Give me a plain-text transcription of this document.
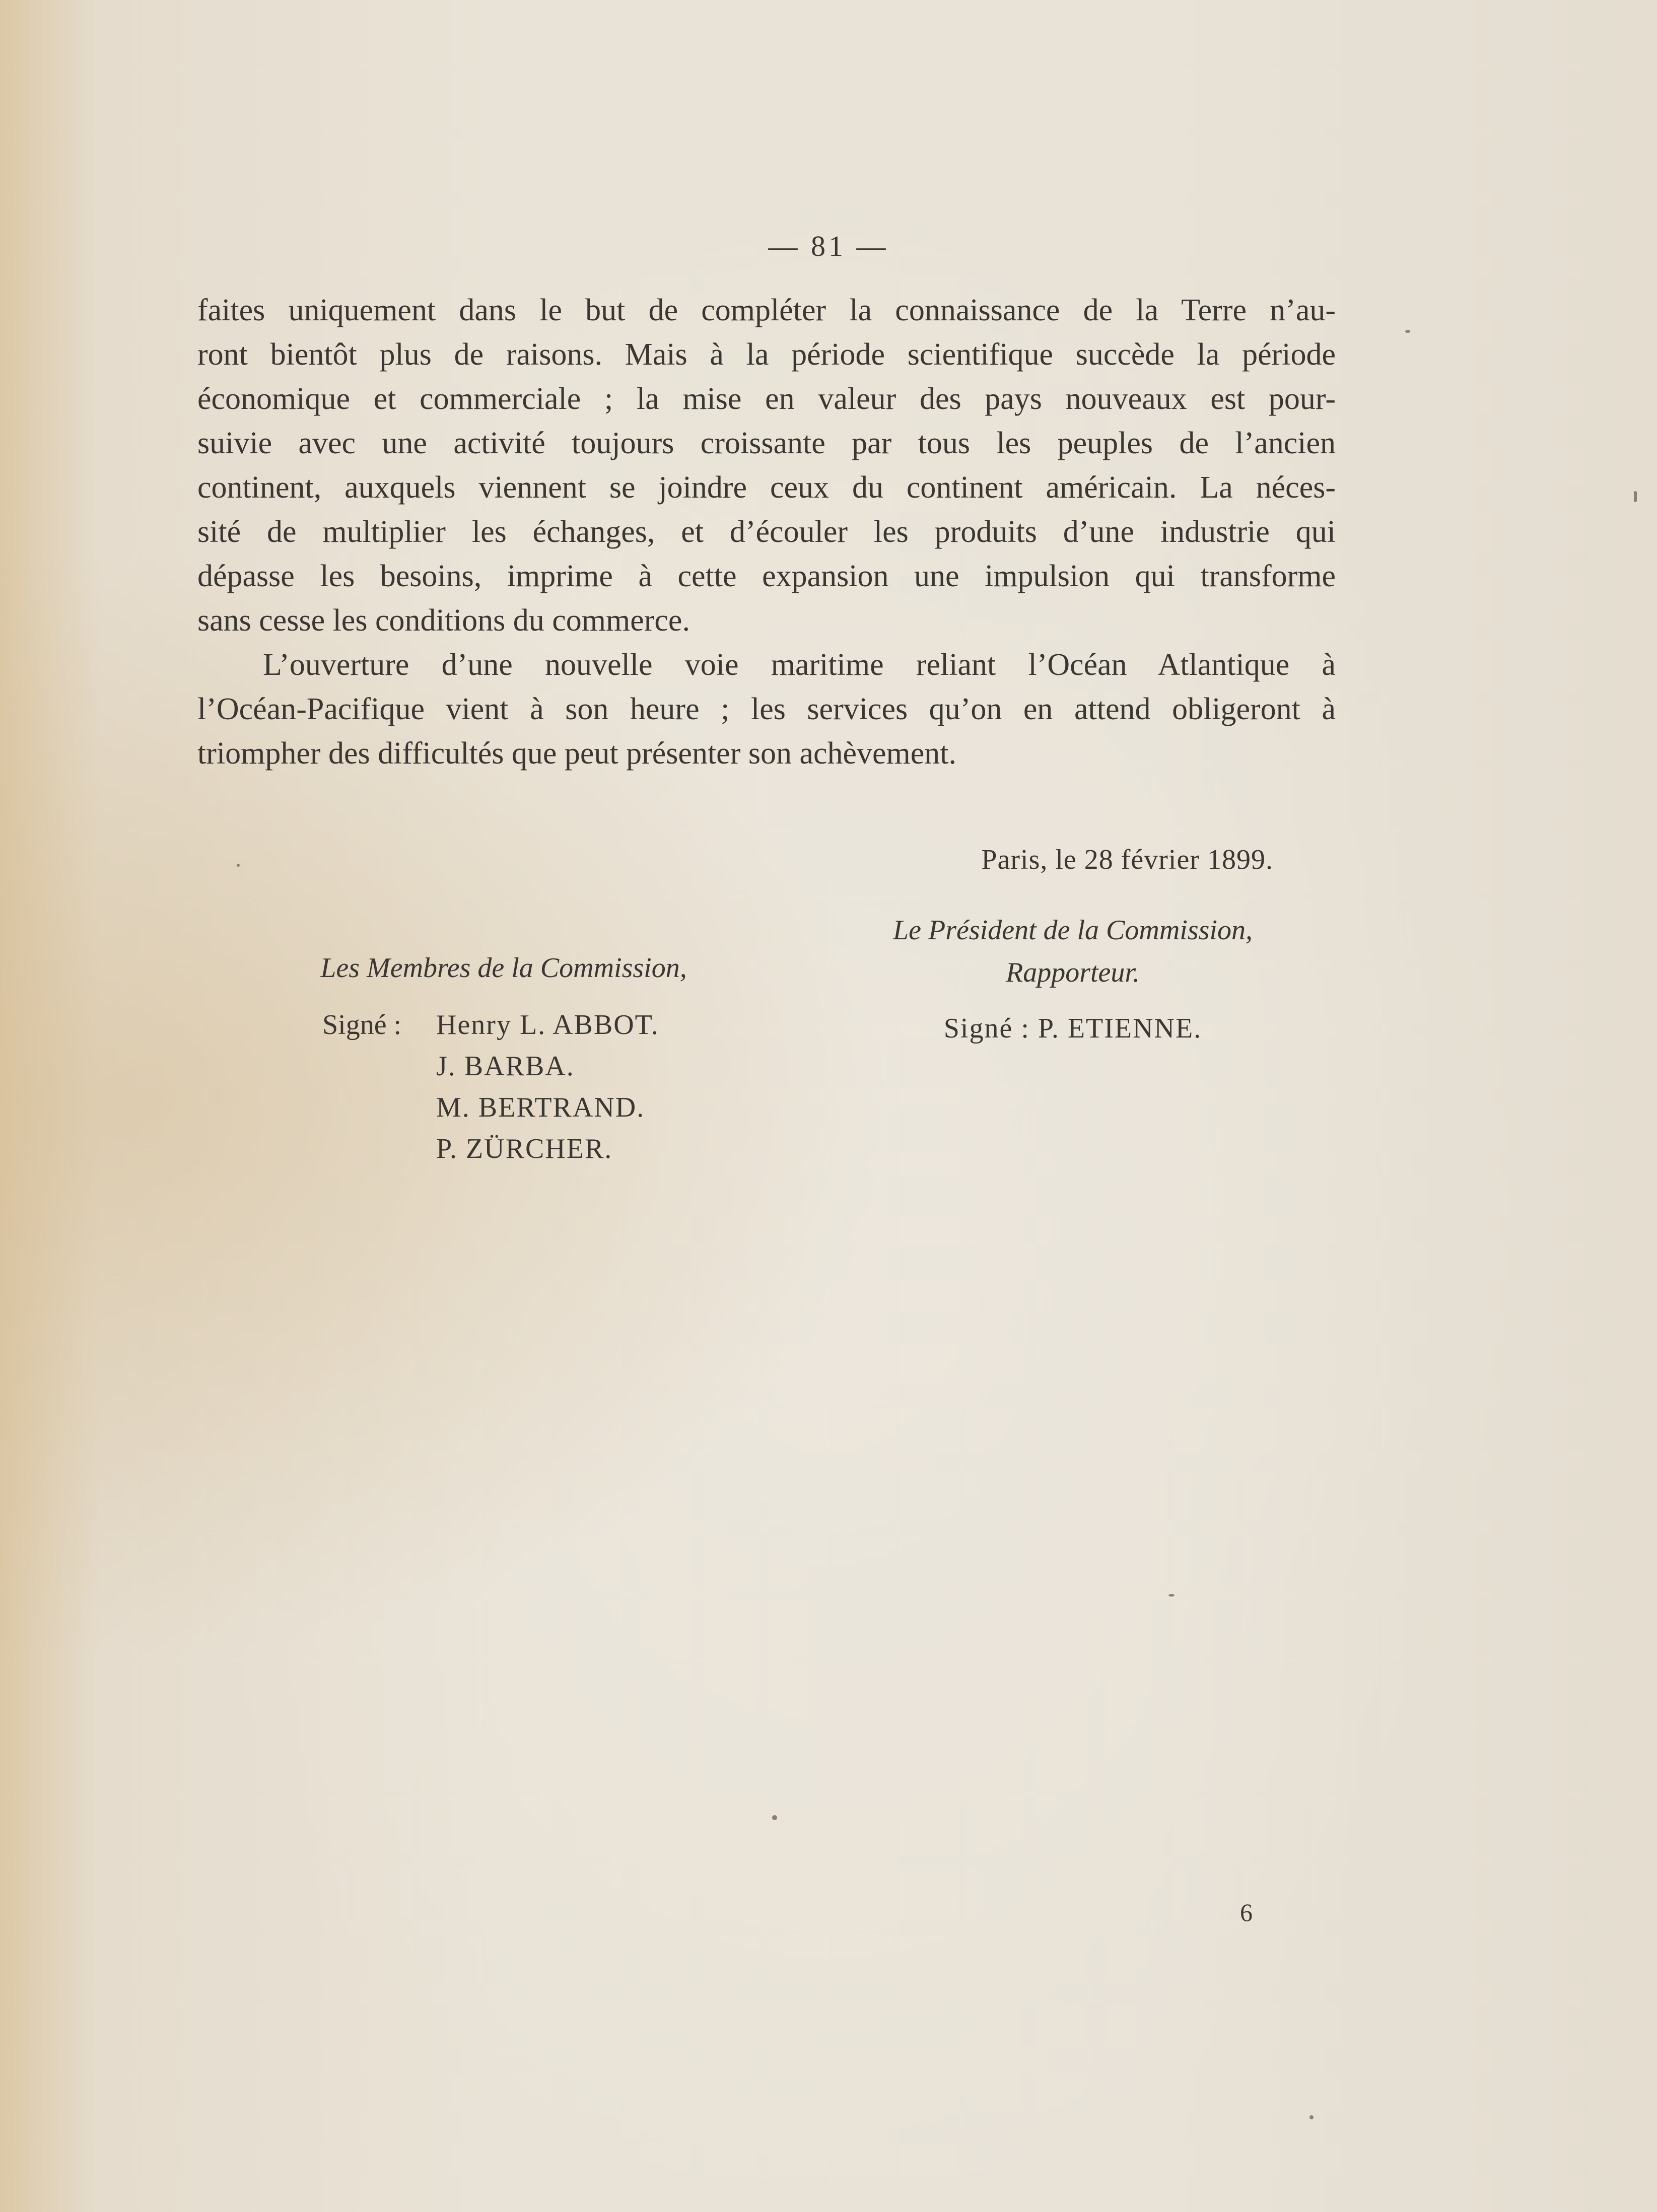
— 81 —
faites uniquement dans le but de compléter la connaissance de la Terre n’au-
ront bientôt plus de raisons. Mais à la période scientifique succède la période
économique et commerciale ; la mise en valeur des pays nouveaux est pour-
suivie avec une activité toujours croissante par tous les peuples de l’ancien
continent, auxquels viennent se joindre ceux du continent américain. La néces-
sité de multiplier les échanges, et d’écouler les produits d’une industrie qui
dépasse les besoins, imprime à cette expansion une impulsion qui transforme
sans cesse les conditions du commerce.
L’ouverture d’une nouvelle voie maritime reliant l’Océan Atlantique à
l’Océan-Pacifique vient à son heure ; les services qu’on en attend obligeront à
triompher des difficultés que peut présenter son achèvement.
Paris, le 28 février 1899.
Les Membres de la Commission,
Signé : Henry L. ABBOT.
J. BARBA.
M. BERTRAND.
P. ZÜRCHER.
Le Président de la Commission,
Rapporteur.
Signé : P. ETIENNE.
6
